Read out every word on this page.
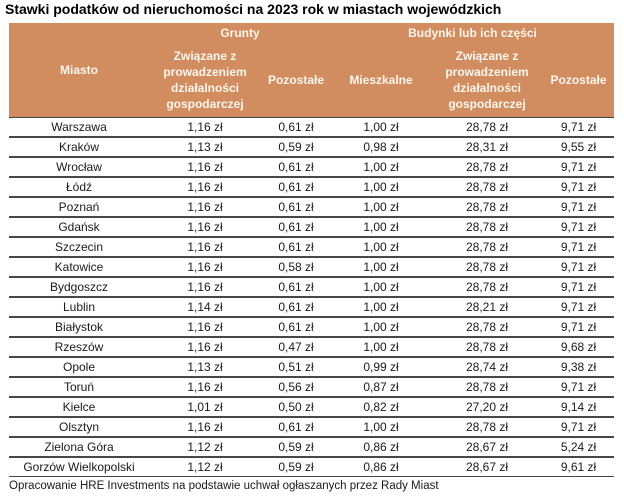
Stawki podatków od nieruchomości na 2023 rok w miastach wojewódzkich
Miasto	Grunty		Budynki lub ich części		
	Związane z prowadzeniem działalności gospodarczej	Pozostałe	Mieszkalne	Związane z prowadzeniem działalności gospodarczej	Pozostałe
Warszawa	1,16 zł	0,61 zł	1,00 zł	28,78 zł	9,71 zł
Kraków	1,13 zł	0,59 zł	0,98 zł	28,31 zł	9,55 zł
Wrocław	1,16 zł	0,61 zł	1,00 zł	28,78 zł	9,71 zł
Łódź	1,16 zł	0,61 zł	1,00 zł	28,78 zł	9,71 zł
Poznań	1,16 zł	0,61 zł	1,00 zł	28,78 zł	9,71 zł
Gdańsk	1,16 zł	0,61 zł	1,00 zł	28,78 zł	9,71 zł
Szczecin	1,16 zł	0,61 zł	1,00 zł	28,78 zł	9,71 zł
Katowice	1,16 zł	0,58 zł	1,00 zł	28,78 zł	9,71 zł
Bydgoszcz	1,16 zł	0,61 zł	1,00 zł	28,78 zł	9,71 zł
Lublin	1,14 zł	0,61 zł	1,00 zł	28,21 zł	9,71 zł
Białystok	1,16 zł	0,61 zł	1,00 zł	28,78 zł	9,71 zł
Rzeszów	1,16 zł	0,47 zł	1,00 zł	28,78 zł	9,68 zł
Opole	1,13 zł	0,51 zł	0,99 zł	28,74 zł	9,38 zł
Toruń	1,16 zł	0,56 zł	0,87 zł	28,78 zł	9,71 zł
Kielce	1,01 zł	0,50 zł	0,82 zł	27,20 zł	9,14 zł
Olsztyn	1,16 zł	0,61 zł	1,00 zł	28,78 zł	9,71 zł
Zielona Góra	1,12 zł	0,59 zł	0,86 zł	28,67 zł	5,24 zł
Gorzów Wielkopolski	1,12 zł	0,59 zł	0,86 zł	28,67 zł	9,61 zł
Opracowanie HRE Investments na podstawie uchwał ogłaszanych przez Rady Miast
